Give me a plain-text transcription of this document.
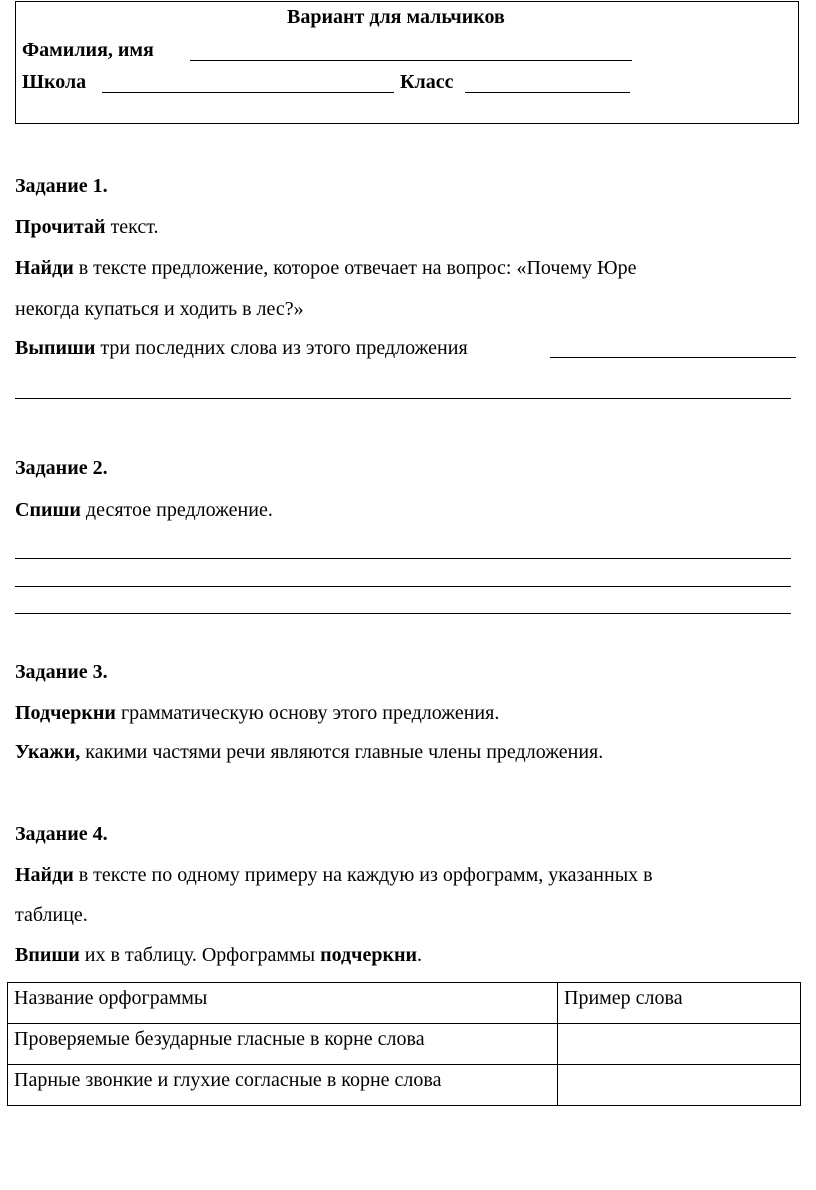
Вариант для мальчиков
Фамилия, имя
Школа	Класс
Задание 1.
Прочитай текст.
Найди в тексте предложение, которое отвечает на вопрос: «Почему Юре
некогда купаться и ходить в лес?»
Выпиши три последних слова из этого предложения
Задание 2.
Спиши десятое предложение.
Задание 3.
Подчеркни грамматическую основу этого предложения.
Укажи, какими частями речи являются главные члены предложения.
Задание 4.
Найди в тексте по одному примеру на каждую из орфограмм, указанных в
таблице.
Впиши их в таблицу. Орфограммы подчеркни.
Название орфограммы	Пример слова
Проверяемые безударные гласные в корне слова	
Парные звонкие и глухие согласные в корне слова	
